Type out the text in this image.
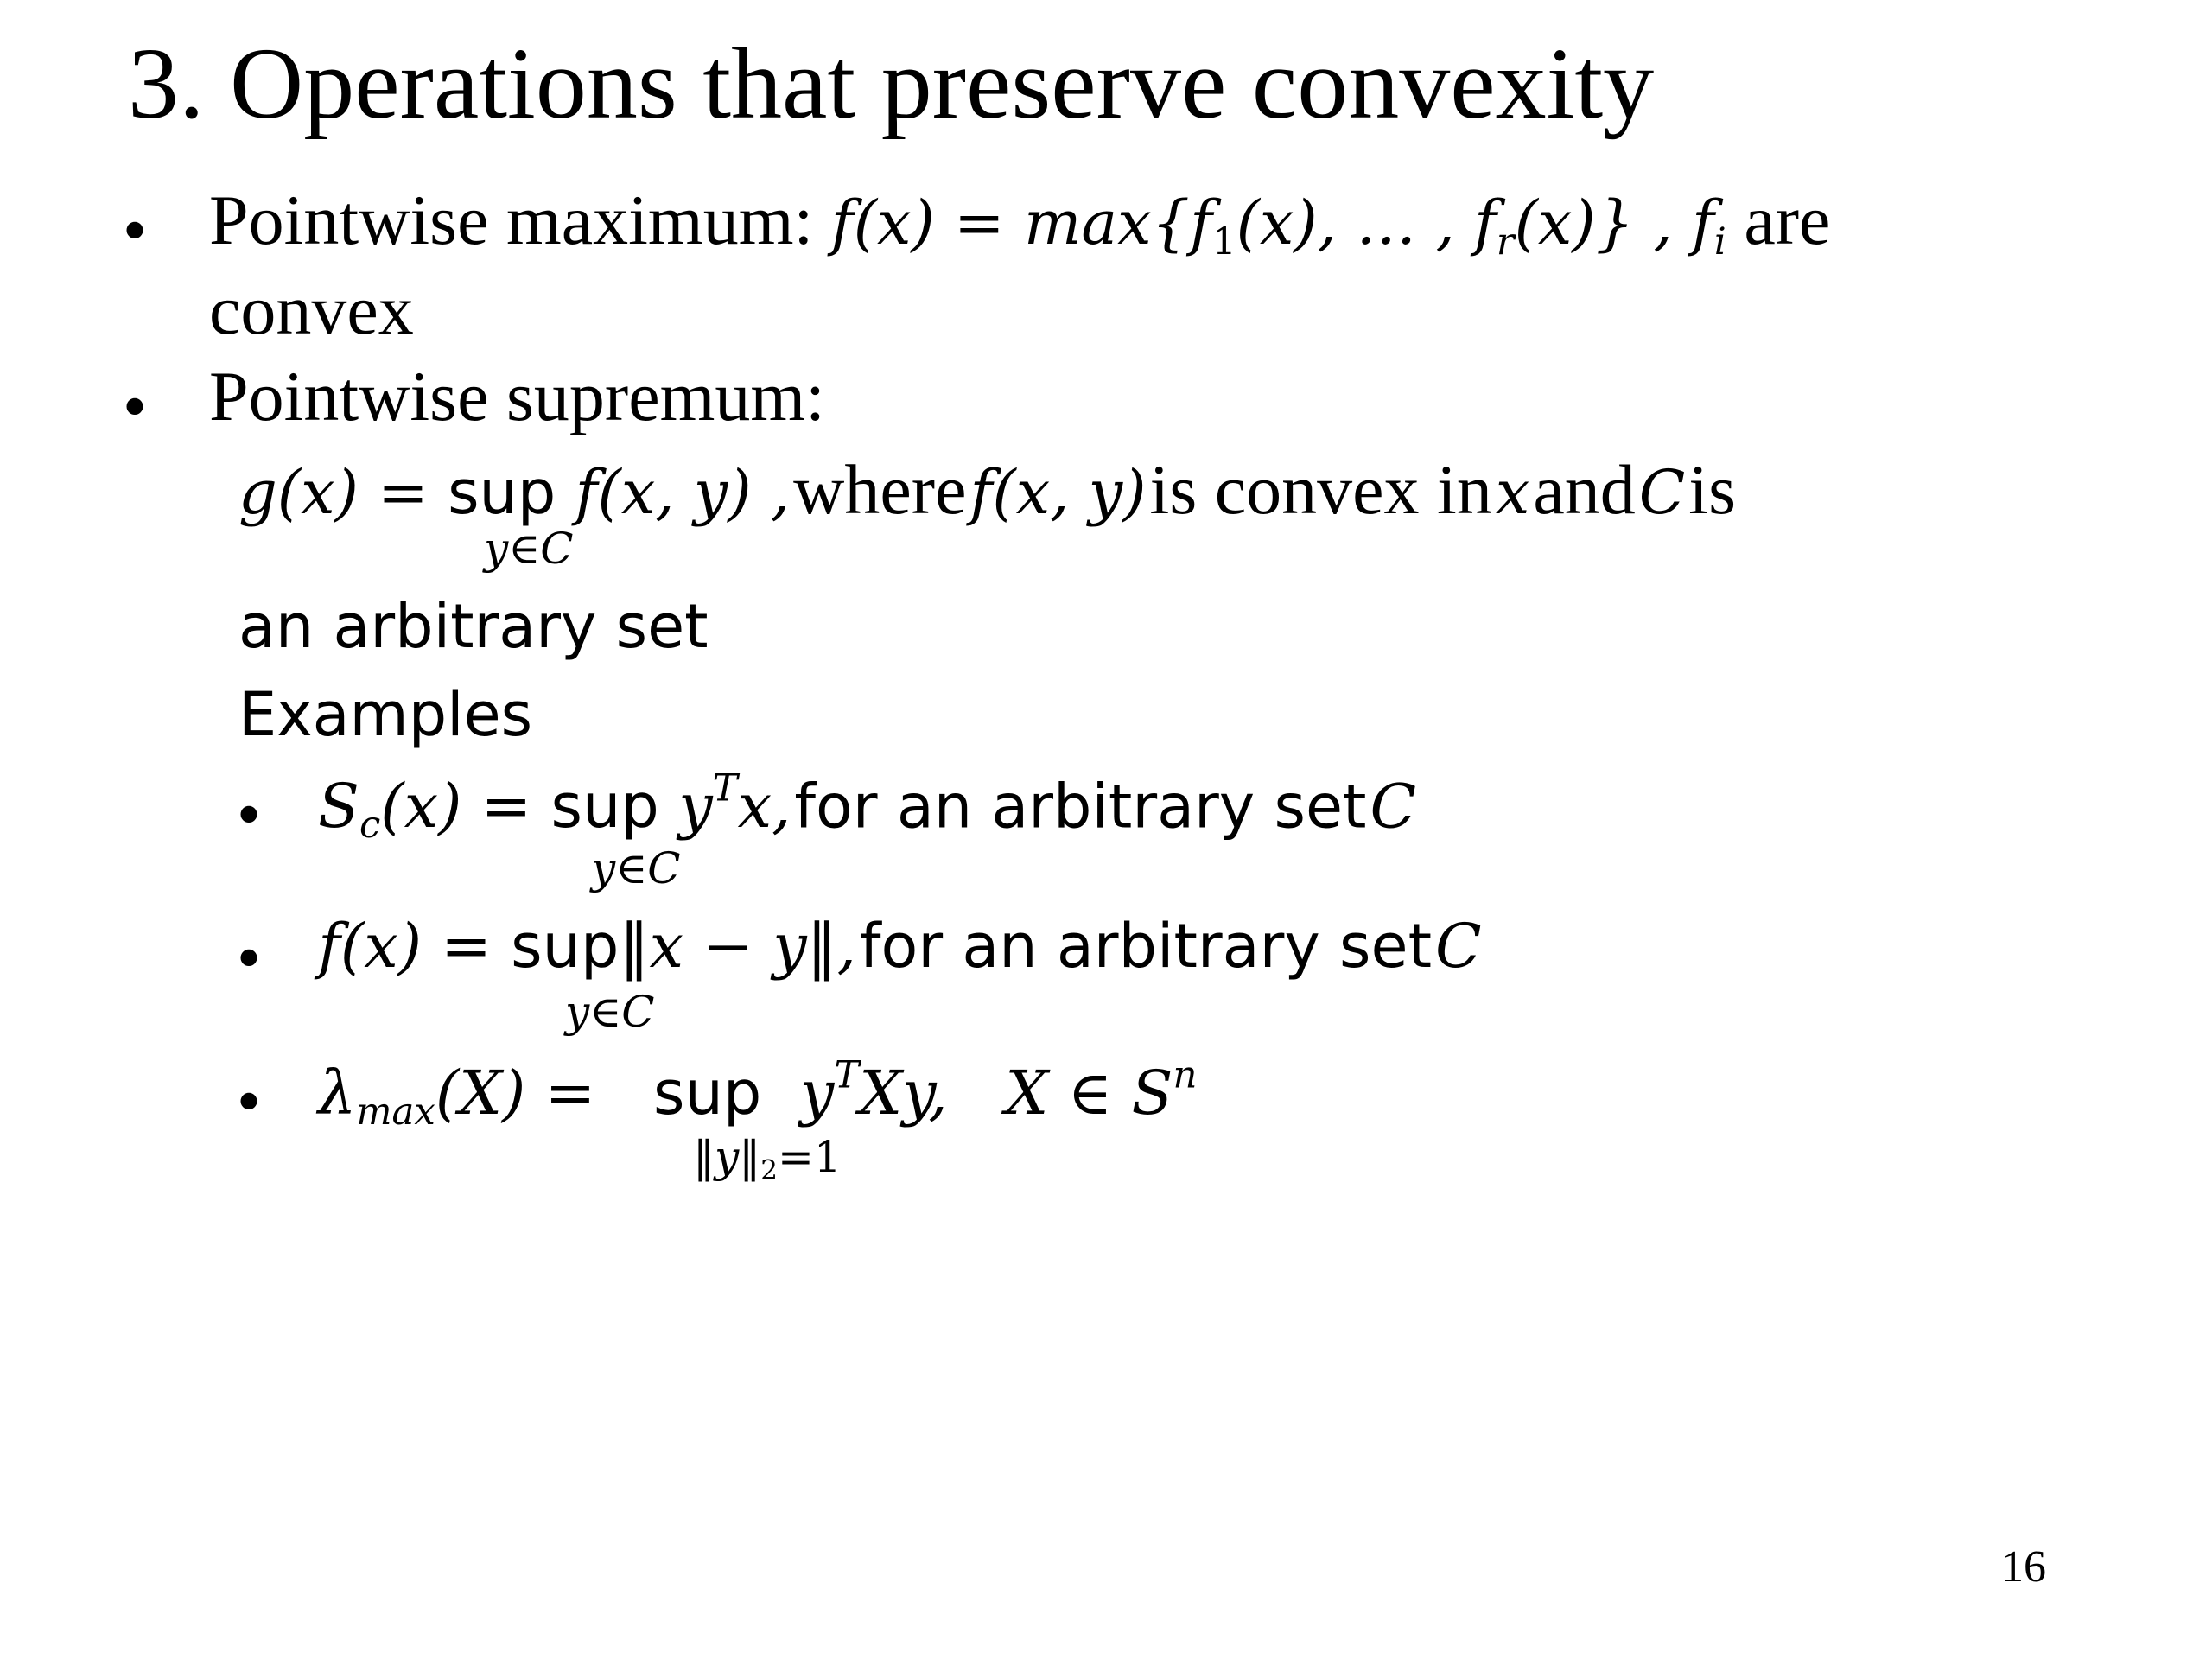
3. Operations that preserve convexity
• Pointwise maximum: $f(x) = \max\{f_1(x)$, … , $f_r(x)$} , $f_i$ are
convex
• Pointwise supremum:
g(x) = sup f(x, y) , where f(x, y) is convex in x and C is
y∈C
an arbitrary set
Examples
• $S_c(x)$ = sup $y^Tx$, for an arbitrary set C
y∈C
• f(x) = sup‖x − y‖, for an arbitrary set C
y∈C
• $\lambda_{max}(X)$ =   sup $y^TXy$, X ∈ $S^n$
$‖y‖_2=1$
16
